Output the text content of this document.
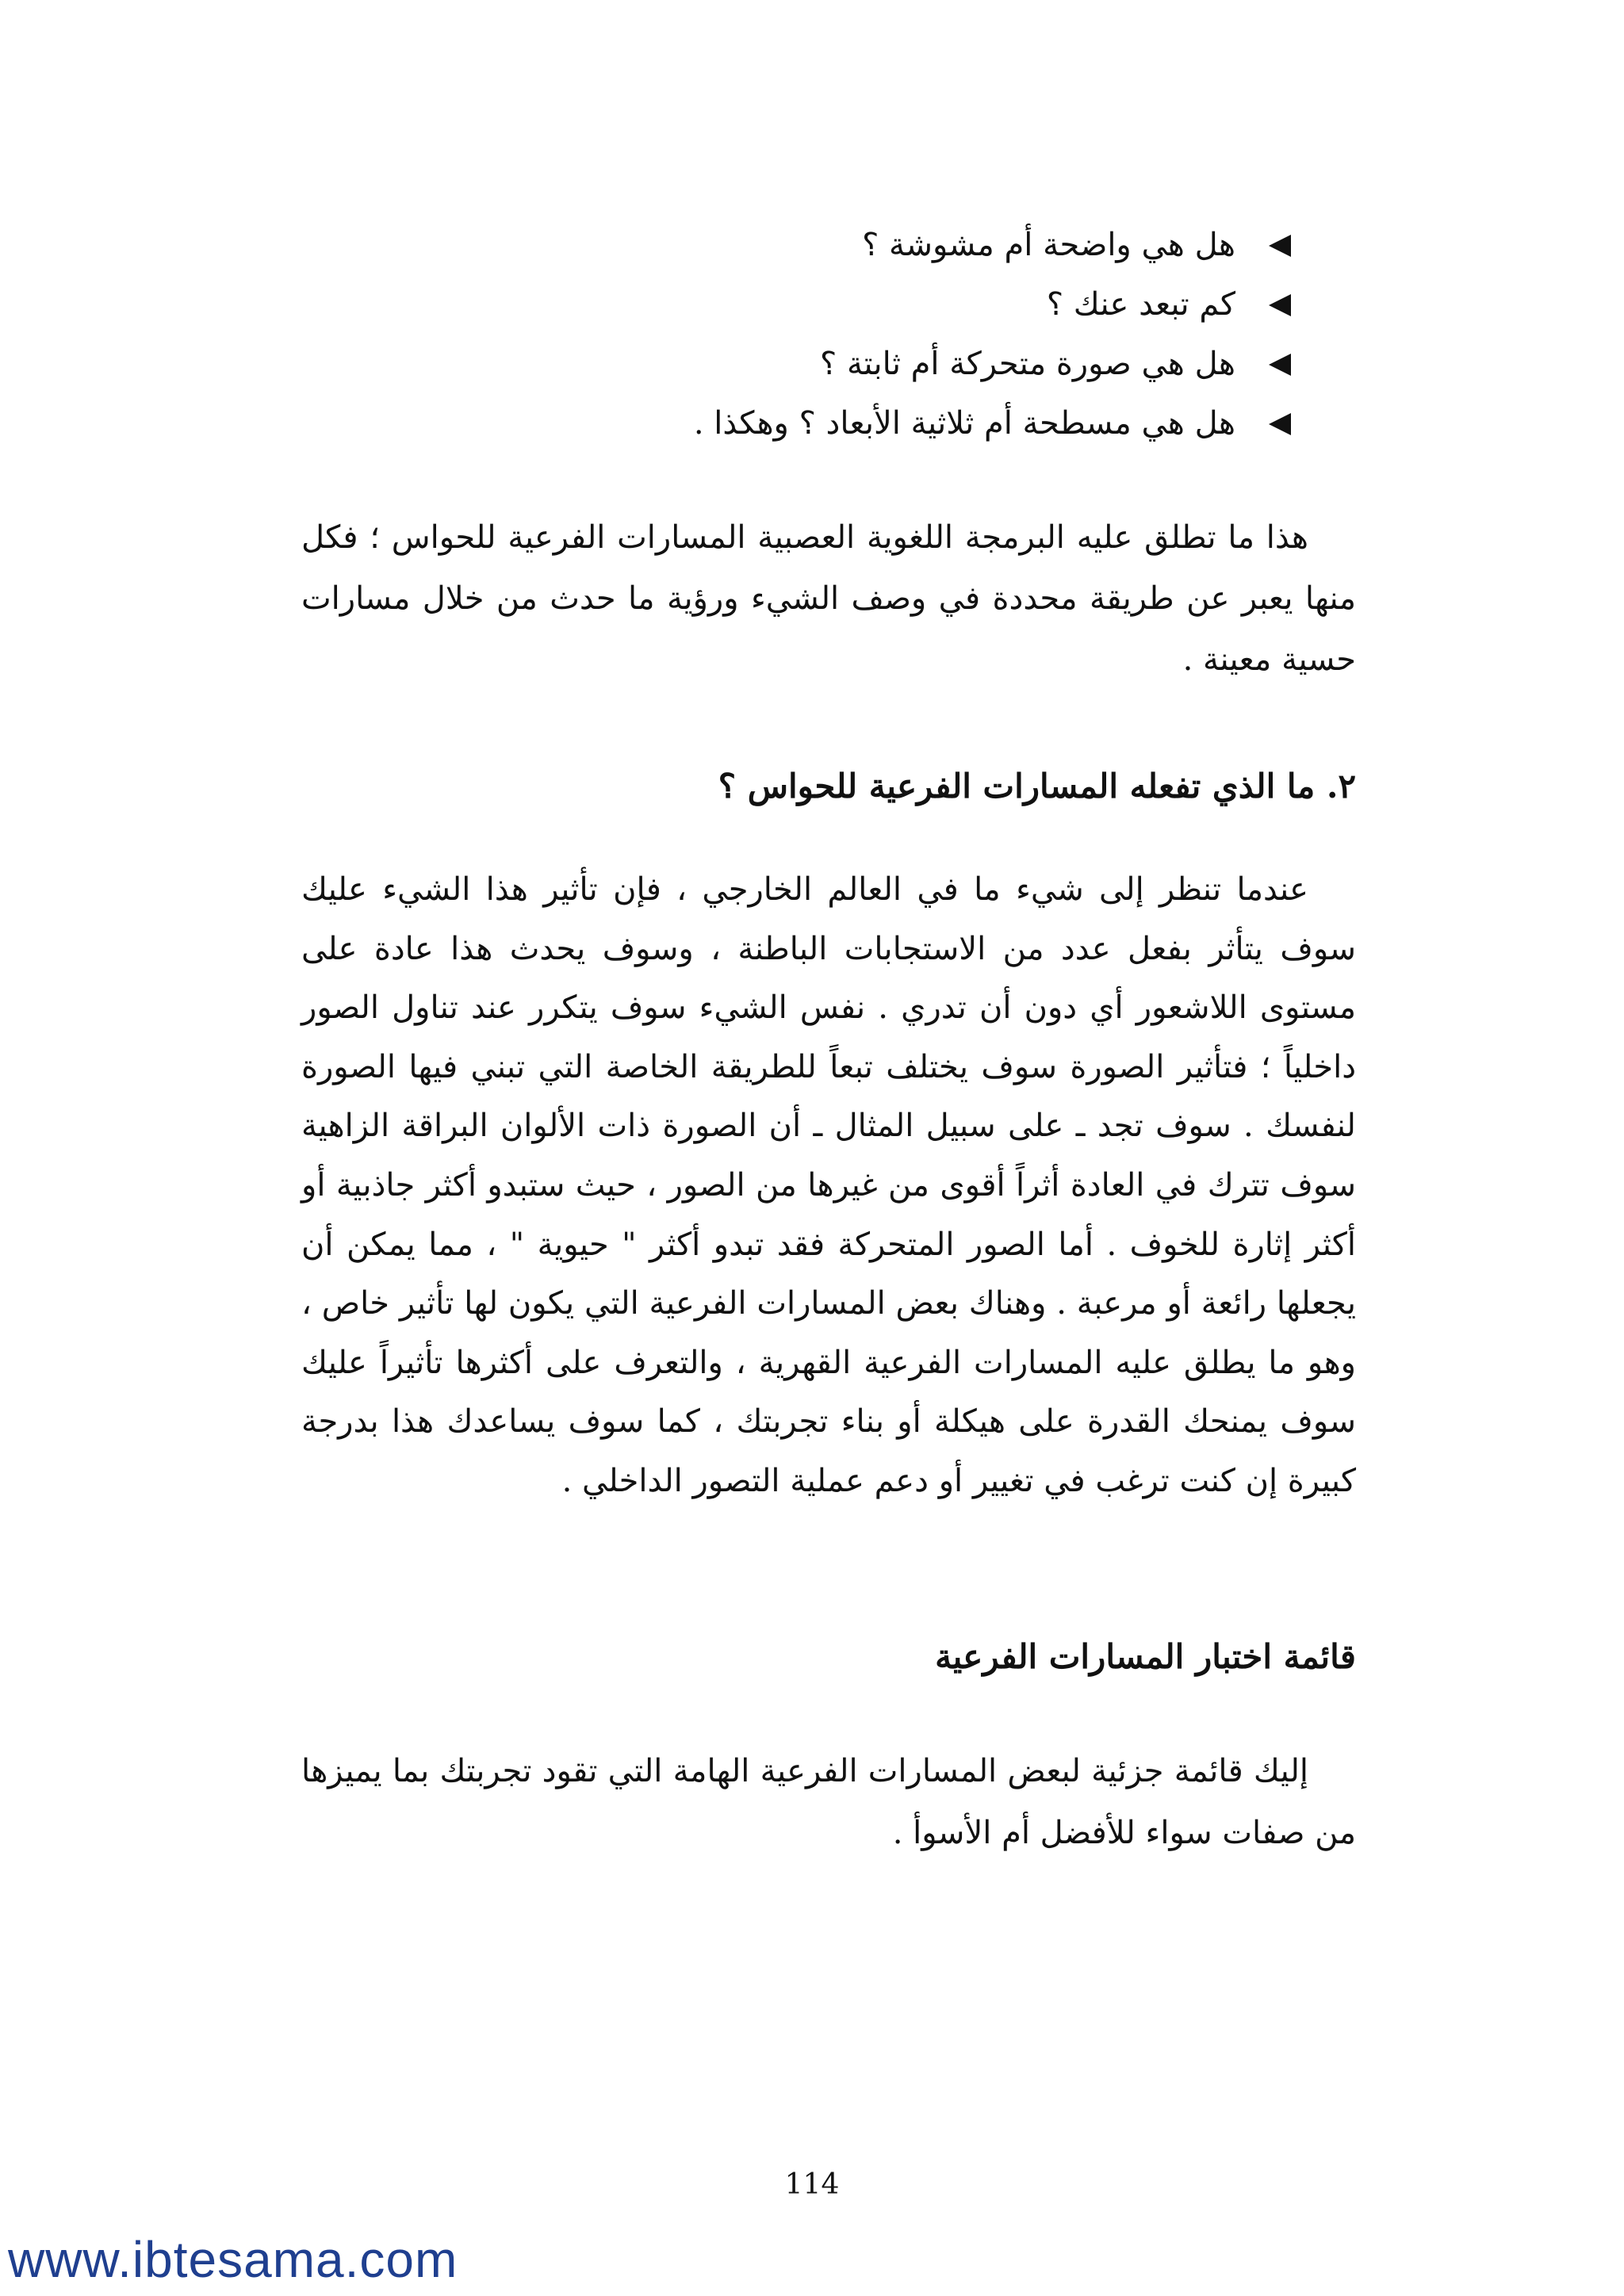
هل هي واضحة أم مشوشة ؟
كم تبعد عنك ؟
هل هي صورة متحركة أم ثابتة ؟
هل هي مسطحة أم ثلاثية الأبعاد ؟ وهكذا .

هذا ما تطلق عليه البرمجة اللغوية العصبية المسارات الفرعية للحواس ؛ فكل منها يعبر عن طريقة محددة في وصف الشيء ورؤية ما حدث من خلال مسارات حسية معينة .

٢. ما الذي تفعله المسارات الفرعية للحواس ؟

عندما تنظر إلى شيء ما في العالم الخارجي ، فإن تأثير هذا الشيء عليك سوف يتأثر بفعل عدد من الاستجابات الباطنة ، وسوف يحدث هذا عادة على مستوى اللاشعور أي دون أن تدري . نفس الشيء سوف يتكرر عند تناول الصور داخلياً ؛ فتأثير الصورة سوف يختلف تبعاً للطريقة الخاصة التي تبني فيها الصورة لنفسك . سوف تجد ـ على سبيل المثال ـ أن الصورة ذات الألوان البراقة الزاهية سوف تترك في العادة أثراً أقوى من غيرها من الصور ، حيث ستبدو أكثر جاذبية أو أكثر إثارة للخوف . أما الصور المتحركة فقد تبدو أكثر " حيوية " ، مما يمكن أن يجعلها رائعة أو مرعبة . وهناك بعض المسارات الفرعية التي يكون لها تأثير خاص ، وهو ما يطلق عليه المسارات الفرعية القهرية ، والتعرف على أكثرها تأثيراً عليك سوف يمنحك القدرة على هيكلة أو بناء تجربتك ، كما سوف يساعدك هذا بدرجة كبيرة إن كنت ترغب في تغيير أو دعم عملية التصور الداخلي .

قائمة اختبار المسارات الفرعية

إليك قائمة جزئية لبعض المسارات الفرعية الهامة التي تقود تجربتك بما يميزها من صفات سواء للأفضل أم الأسوأ .

114
www.ibtesama.com
